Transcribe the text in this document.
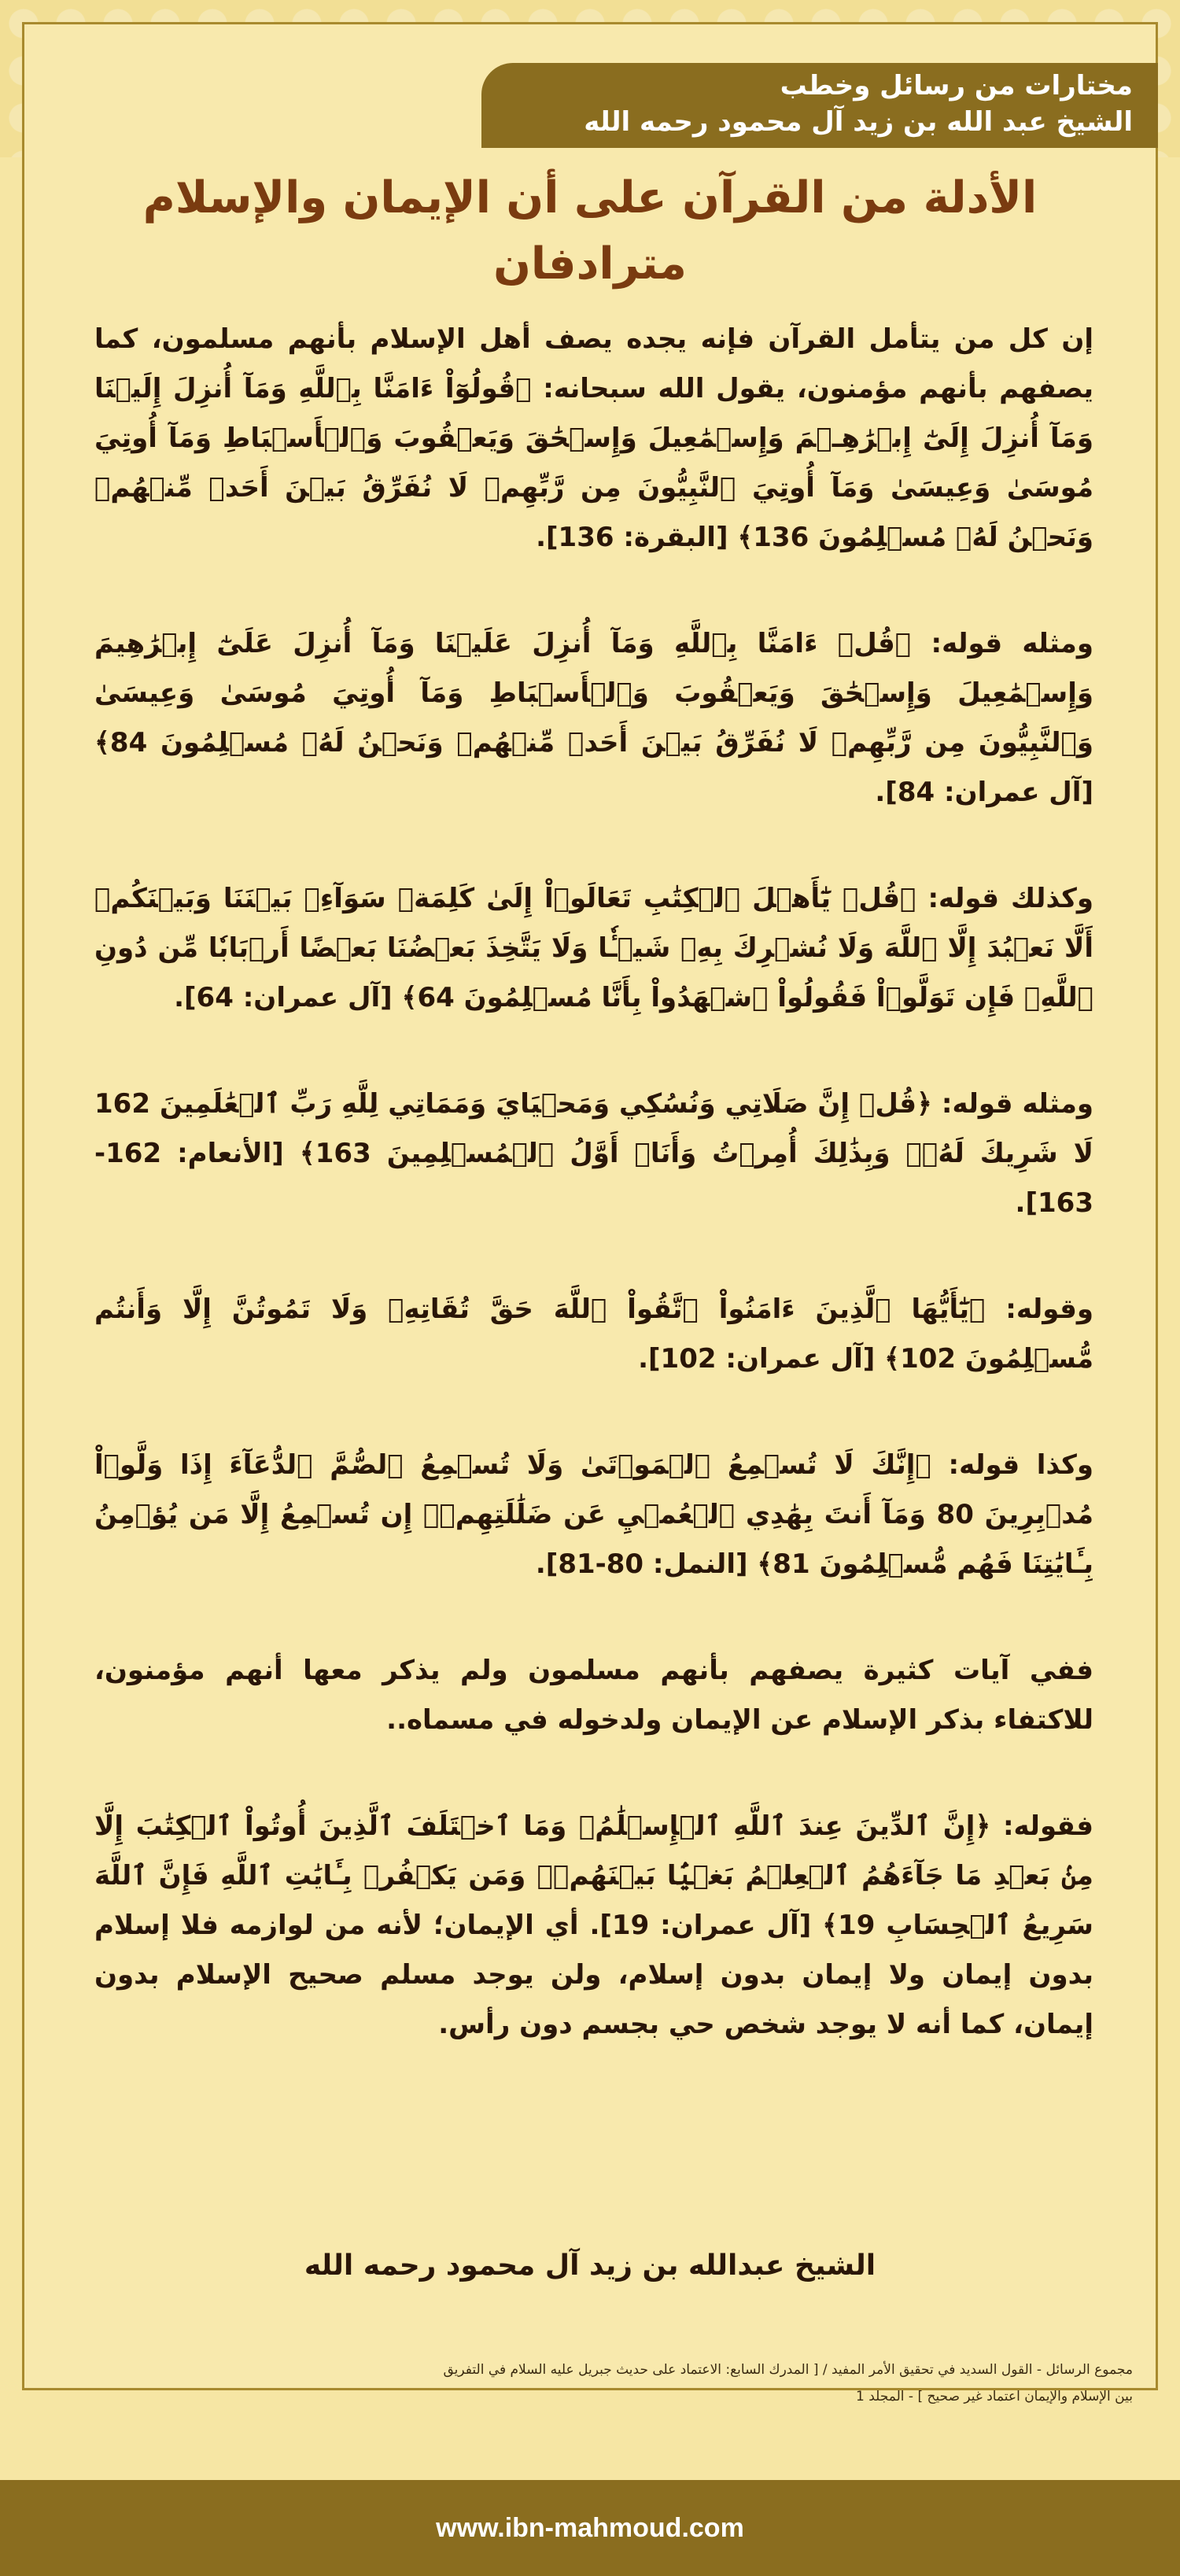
مختارات من رسائل وخطب
الشيخ عبد الله بن زيد آل محمود رحمه الله
الأدلة من القرآن على أن الإيمان والإسلام
مترادفان

إن كل من يتأمل القرآن فإنه يجده يصف أهل الإسلام بأنهم مسلمون، كما يصفهم بأنهم مؤمنون، يقول الله سبحانه: ﴿قُولُوٓاْ ءَامَنَّا بِٱللَّهِ وَمَآ أُنزِلَ إِلَيۡنَا وَمَآ أُنزِلَ إِلَىٰٓ إِبۡرَٰهِـۧمَ وَإِسۡمَٰعِيلَ وَإِسۡحَٰقَ وَيَعۡقُوبَ وَٱلۡأَسۡبَاطِ وَمَآ أُوتِيَ مُوسَىٰ وَعِيسَىٰ وَمَآ أُوتِيَ ٱلنَّبِيُّونَ مِن رَّبِّهِمۡ لَا نُفَرِّقُ بَيۡنَ أَحَدٖ مِّنۡهُمۡ وَنَحۡنُ لَهُۥ مُسۡلِمُونَ 136﴾ [البقرة: 136].

ومثله قوله: ﴿قُلۡ ءَامَنَّا بِٱللَّهِ وَمَآ أُنزِلَ عَلَيۡنَا وَمَآ أُنزِلَ عَلَىٰٓ إِبۡرَٰهِيمَ وَإِسۡمَٰعِيلَ وَإِسۡحَٰقَ وَيَعۡقُوبَ وَٱلۡأَسۡبَاطِ وَمَآ أُوتِيَ مُوسَىٰ وَعِيسَىٰ وَٱلنَّبِيُّونَ مِن رَّبِّهِمۡ لَا نُفَرِّقُ بَيۡنَ أَحَدٖ مِّنۡهُمۡ وَنَحۡنُ لَهُۥ مُسۡلِمُونَ 84﴾ [آل عمران: 84].

وكذلك قوله: ﴿قُلۡ يَٰٓأَهۡلَ ٱلۡكِتَٰبِ تَعَالَوۡاْ إِلَىٰ كَلِمَةٖ سَوَآءِۭ بَيۡنَنَا وَبَيۡنَكُمۡ أَلَّا نَعۡبُدَ إِلَّا ٱللَّهَ وَلَا نُشۡرِكَ بِهِۦ شَيۡـٔٗا وَلَا يَتَّخِذَ بَعۡضُنَا بَعۡضًا أَرۡبَابٗا مِّن دُونِ ٱللَّهِۚ فَإِن تَوَلَّوۡاْ فَقُولُواْ ٱشۡهَدُواْ بِأَنَّا مُسۡلِمُونَ 64﴾ [آل عمران: 64].

ومثله قوله: ﴿قُلۡ إِنَّ صَلَاتِي وَنُسُكِي وَمَحۡيَايَ وَمَمَاتِي لِلَّهِ رَبِّ ٱلۡعَٰلَمِينَ 162 لَا شَرِيكَ لَهُۥۖ وَبِذَٰلِكَ أُمِرۡتُ وَأَنَا۠ أَوَّلُ ٱلۡمُسۡلِمِينَ 163﴾ [الأنعام: 162-163].

وقوله: ﴿يَٰٓأَيُّهَا ٱلَّذِينَ ءَامَنُواْ ٱتَّقُواْ ٱللَّهَ حَقَّ تُقَاتِهِۦ وَلَا تَمُوتُنَّ إِلَّا وَأَنتُم مُّسۡلِمُونَ 102﴾ [آل عمران: 102].

وكذا قوله: ﴿إِنَّكَ لَا تُسۡمِعُ ٱلۡمَوۡتَىٰ وَلَا تُسۡمِعُ ٱلصُّمَّ ٱلدُّعَآءَ إِذَا وَلَّوۡاْ مُدۡبِرِينَ 80 وَمَآ أَنتَ بِهَٰدِي ٱلۡعُمۡيِ عَن ضَلَٰلَتِهِمۡۖ إِن تُسۡمِعُ إِلَّا مَن يُؤۡمِنُ بِـَٔايَٰتِنَا فَهُم مُّسۡلِمُونَ 81﴾ [النمل: 80-81].

ففي آيات كثيرة يصفهم بأنهم مسلمون ولم يذكر معها أنهم مؤمنون، للاكتفاء بذكر الإسلام عن الإيمان ولدخوله في مسماه..

فقوله: ﴿إِنَّ ٱلدِّينَ عِندَ ٱللَّهِ ٱلۡإِسۡلَٰمُۗ وَمَا ٱخۡتَلَفَ ٱلَّذِينَ أُوتُواْ ٱلۡكِتَٰبَ إِلَّا مِنۢ بَعۡدِ مَا جَآءَهُمُ ٱلۡعِلۡمُ بَغۡيَۢا بَيۡنَهُمۡۗ وَمَن يَكۡفُرۡ بِـَٔايَٰتِ ٱللَّهِ فَإِنَّ ٱللَّهَ سَرِيعُ ٱلۡحِسَابِ 19﴾ [آل عمران: 19]. أي الإيمان؛ لأنه من لوازمه فلا إسلام بدون إيمان ولا إيمان بدون إسلام، ولن يوجد مسلم صحيح الإسلام بدون إيمان، كما أنه لا يوجد شخص حي بجسم دون رأس.

الشيخ عبدالله بن زيد آل محمود رحمه الله
مجموع الرسائل - القول السديد في تحقيق الأمر المفيد / [ المدرك السابع: الاعتماد على حديث جبريل عليه السلام في التفريق
بين الإسلام والإيمان اعتماد غير صحيح ] - المجلد 1
www.ibn-mahmoud.com
